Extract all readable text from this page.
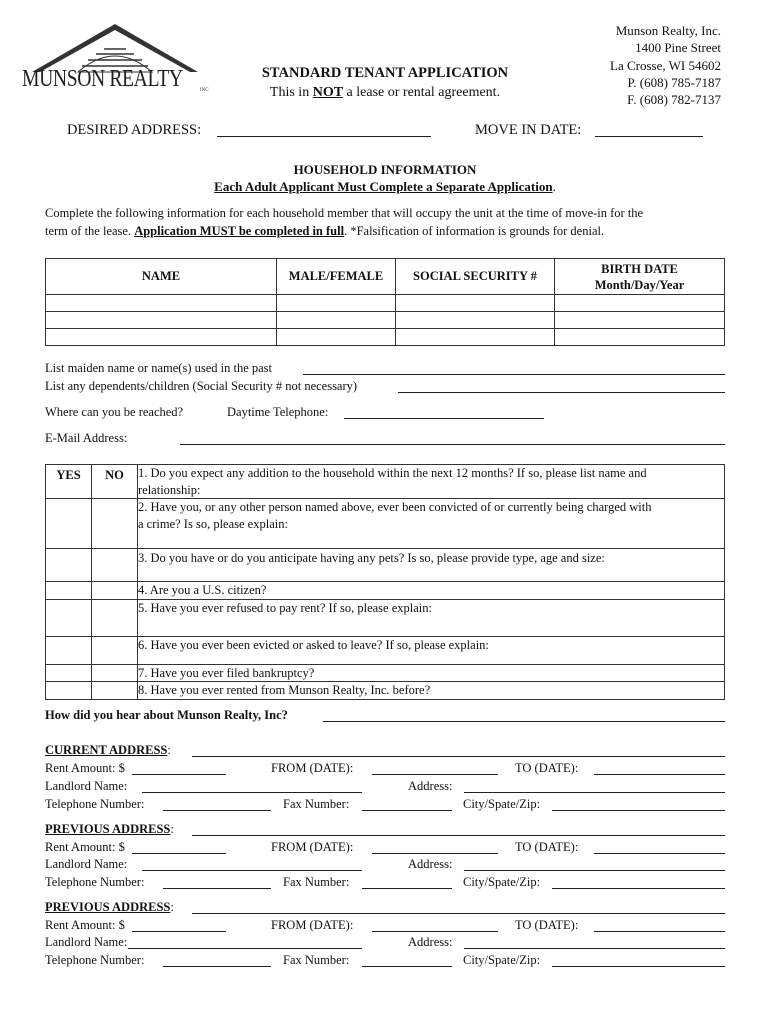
MUNSON REALTY	INC
STANDARD TENANT APPLICATION
This in NOT a lease or rental agreement.
Munson Realty, Inc.
1400 Pine Street
La Crosse, WI 54602
P. (608) 785-7187
F. (608) 782-7137
DESIRED ADDRESS:	MOVE IN DATE:
HOUSEHOLD INFORMATION
Each Adult Applicant Must Complete a Separate Application.
Complete the following information for each household member that will occupy the unit at the time of move-in for the
term of the lease. Application MUST be completed in full. *Falsification of information is grounds for denial.
NAME	MALE/FEMALE	SOCIAL SECURITY #	BIRTH DATE
Month/Day/Year

List maiden name or name(s) used in the past
List any dependents/children (Social Security # not necessary)
Where can you be reached?	Daytime Telephone:
E-Mail Address:
YES	NO	1. Do you expect any addition to the household within the next 12 months? If so, please list name and
relationship:

		2. Have you, or any other person named above, ever been convicted of or currently being charged with
a crime? Is so, please explain:

		3. Do you have or do you anticipate having any pets? Is so, please provide type, age and size:
		4. Are you a U.S. citizen?
		5. Have you ever refused to pay rent? If so, please explain:
		6. Have you ever been evicted or asked to leave? If so, please explain:
		7. Have you ever filed bankruptcy?
		8. Have you ever rented from Munson Realty, Inc. before?
How did you hear about Munson Realty, Inc?
CURRENT ADDRESS:
Rent Amount: $	FROM (DATE):	TO (DATE):
Landlord Name:	Address:
Telephone Number:	Fax Number:	City/Spate/Zip:
PREVIOUS ADDRESS:
Rent Amount: $	FROM (DATE):	TO (DATE):
Landlord Name:	Address:
Telephone Number:	Fax Number:	City/Spate/Zip:
PREVIOUS ADDRESS:
Rent Amount: $	FROM (DATE):	TO (DATE):
Landlord Name:	Address:
Telephone Number:	Fax Number:	City/Spate/Zip:
